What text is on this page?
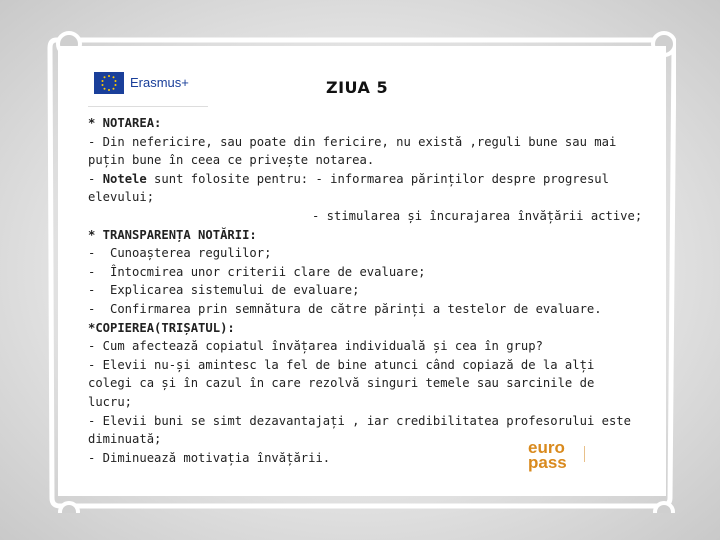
Erasmus+	ZIUA 5

* NOTAREA:

- Din nefericire, sau poate din fericire, nu există ,reguli bune sau mai puțin bune în ceea ce privește notarea.

- Notele sunt folosite pentru: - informarea părinților despre progresul elevului;

- stimularea și încurajarea învățării active;

* TRANSPARENȚA NOTĂRII:

-	Cunoașterea regulilor;
-	Întocmirea unor criterii clare de evaluare;
-	Explicarea sistemului de evaluare;
-	Confirmarea prin semnătura de către părinți a testelor de evaluare.

*COPIEREA(TRIȘATUL):

- Cum afectează copiatul învățarea individuală și cea în grup?

- Elevii nu-și amintesc la fel de bine atunci când copiază de la alți colegi ca și în cazul în care rezolvă singuri temele sau sarcinile de lucru;

- Elevii buni se simt dezavantajați , iar credibilitatea profesorului este diminuată;

- Diminuează motivația învățării.

euro
pass
